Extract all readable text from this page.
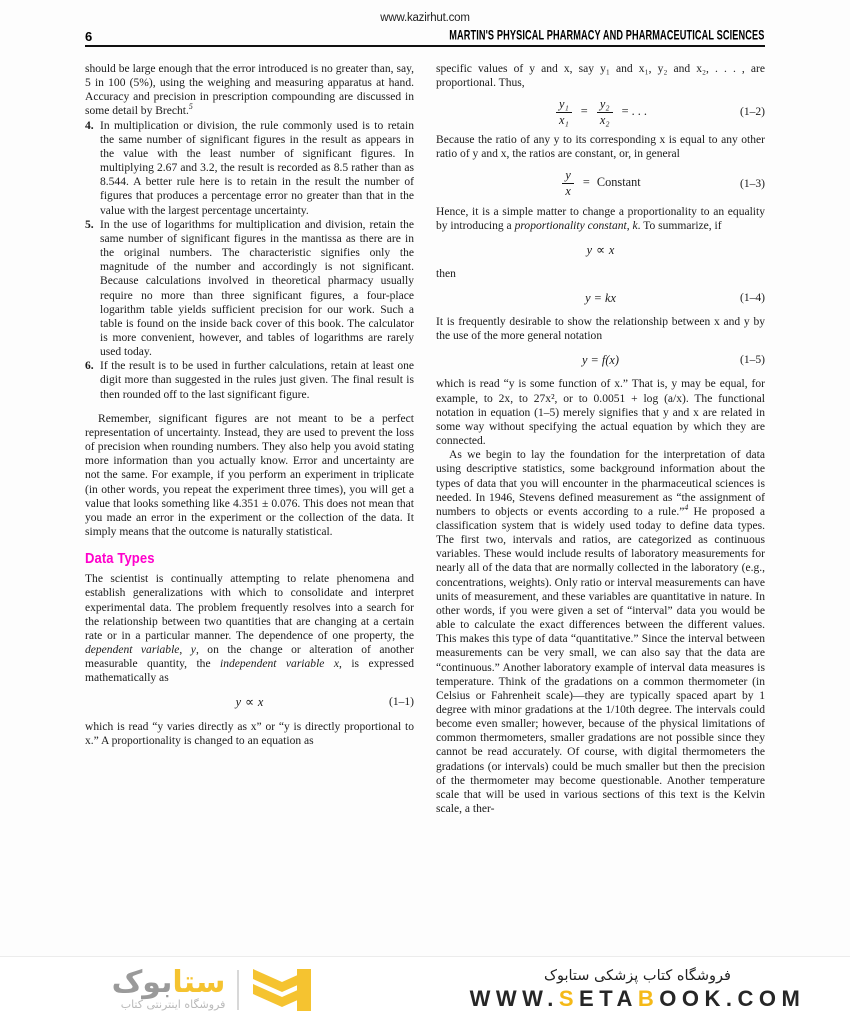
www.kazirhut.com
6	MARTIN'S PHYSICAL PHARMACY AND PHARMACEUTICAL SCIENCES

should be large enough that the error introduced is no greater than, say, 5 in 100 (5%), using the weighing and measuring apparatus at hand. Accuracy and precision in prescription compounding are discussed in some detail by Brecht.$^5$

4. In multiplication or division, the rule commonly used is to retain the same number of significant figures in the result as appears in the value with the least number of significant figures. In multiplying 2.67 and 3.2, the result is recorded as 8.5 rather than as 8.544. A better rule here is to retain in the result the number of figures that produces a percentage error no greater than that in the value with the largest percentage uncertainty.
5. In the use of logarithms for multiplication and division, retain the same number of significant figures in the mantissa as there are in the original numbers. The characteristic signifies only the magnitude of the number and accordingly is not significant. Because calculations involved in theoretical pharmacy usually require no more than three significant figures, a four-place logarithm table yields sufficient precision for our work. Such a table is found on the inside back cover of this book. The calculator is more convenient, however, and tables of logarithms are rarely used today.
6. If the result is to be used in further calculations, retain at least one digit more than suggested in the rules just given. The final result is then rounded off to the last significant figure.

Remember, significant figures are not meant to be a perfect representation of uncertainty. Instead, they are used to prevent the loss of precision when rounding numbers. They also help you avoid stating more information than you actually know. Error and uncertainty are not the same. For example, if you perform an experiment in triplicate (in other words, you repeat the experiment three times), you will get a value that looks something like 4.351 ± 0.076. This does not mean that you made an error in the experiment or the collection of the data. It simply means that the outcome is naturally statistical.

Data Types

The scientist is continually attempting to relate phenomena and establish generalizations with which to consolidate and interpret experimental data. The problem frequently resolves into a search for the relationship between two quantities that are changing at a certain rate or in a particular manner. The dependence of one property, the dependent variable, y, on the change or alteration of another measurable quantity, the independent variable x, is expressed mathematically as

y ∝ x	(1–1)

which is read “y varies directly as x” or “y is directly proportional to x.” A proportionality is changed to an equation as

specific values of y and x, say y₁ and x₁, y₂ and x₂, . . . , are proportional. Thus,

$\frac{\text{y₁}}{\text{x₁}} = \frac{\text{y₂}}{\text{x₂}}$ = . . .	(1–2)

Because the ratio of any y to its corresponding x is equal to any other ratio of y and x, the ratios are constant, or, in general

$\frac{y}{x}$ = Constant	(1–3)

Hence, it is a simple matter to change a proportionality to an equality by introducing a proportionality constant, k. To summarize, if

y ∝ x

then

y = kx	(1–4)

It is frequently desirable to show the relationship between x and y by the use of the more general notation

y = f(x)	(1–5)

which is read “y is some function of x.” That is, y may be equal, for example, to 2x, to 27x², or to 0.0051 + log (a/x). The functional notation in equation (1–5) merely signifies that y and x are related in some way without specifying the actual equation by which they are connected.

As we begin to lay the foundation for the interpretation of data using descriptive statistics, some background information about the types of data that you will encounter in the pharmaceutical sciences is needed. In 1946, Stevens defined measurement as “the assignment of numbers to objects or events according to a rule.”$^4$ He proposed a classification system that is widely used today to define data types. The first two, intervals and ratios, are categorized as continuous variables. These would include results of laboratory measurements for nearly all of the data that are normally collected in the laboratory (e.g., concentrations, weights). Only ratio or interval measurements can have units of measurement, and these variables are quantitative in nature. In other words, if you were given a set of “interval” data you would be able to calculate the exact differences between the different values. This makes this type of data “quantitative.” Since the interval between measurements can be very small, we can also say that the data are “continuous.” Another laboratory example of interval data measures is temperature. Think of the gradations on a common thermometer (in Celsius or Fahrenheit scale)—they are typically spaced apart by 1 degree with minor gradations at the 1/10th degree. The intervals could become even smaller; however, because of the physical limitations of common thermometers, smaller gradations are not possible since they cannot be read accurately. Of course, with digital thermometers the gradations (or intervals) could be much smaller but then the precision of the thermometer may become questionable. Another temperature scale that will be used in various sections of this text is the Kelvin scale, a ther-

ستابوک
فروشگاه اینترنتی کتاب
فروشگاه کتاب پزشکی ستابوک
WWW.SETABOOK.COM
